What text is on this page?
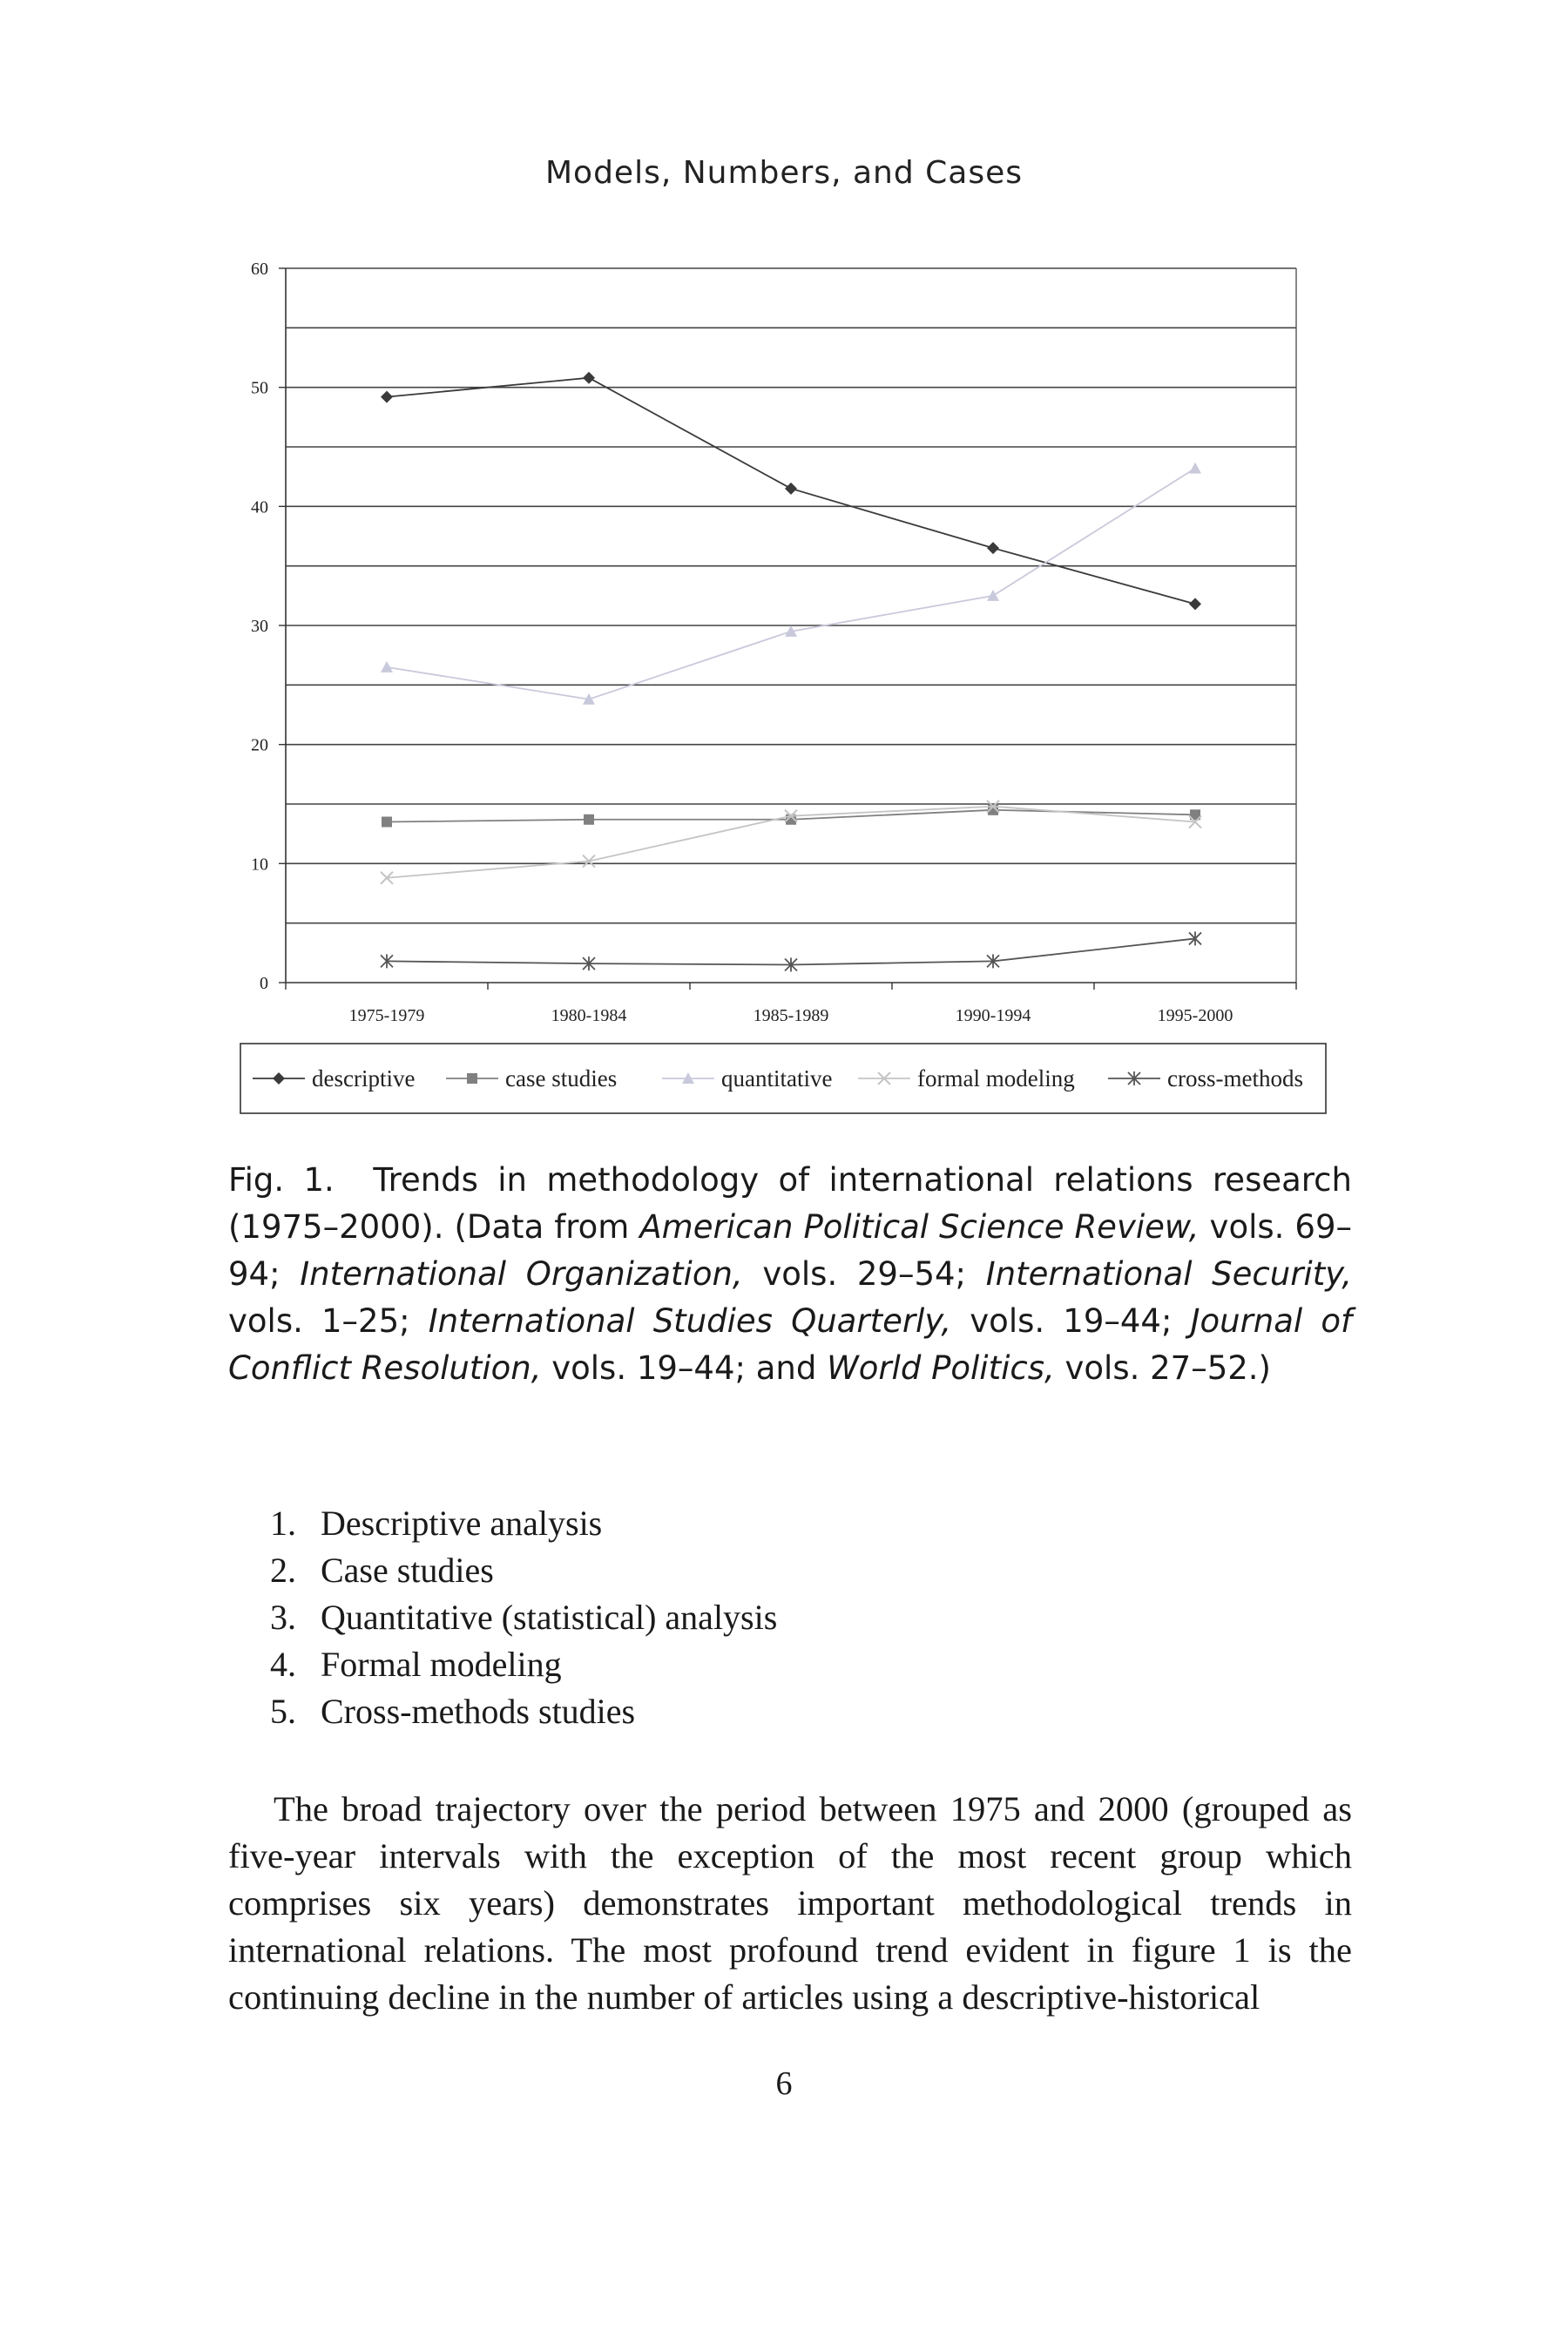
Models, Numbers, and Cases
0
10
20
30
40
50
60
1975-1979	1980-1984	1985-1989	1990-1994	1995-2000
descriptive	case studies	quantitative	formal modeling	cross-methods
Fig. 1. Trends in methodology of international relations research (1975–2000). (Data from American Political Science Review, vols. 69–94; International Organization, vols. 29–54; International Security, vols. 1–25; International Studies Quarterly, vols. 19–44; Journal of Conflict Resolution, vols. 19–44; and World Politics, vols. 27–52.)
1. Descriptive analysis
2. Case studies
3. Quantitative (statistical) analysis
4. Formal modeling
5. Cross-methods studies

The broad trajectory over the period between 1975 and 2000 (grouped as five-year intervals with the exception of the most recent group which comprises six years) demonstrates important methodological trends in international relations. The most profound trend evident in figure 1 is the continuing decline in the number of articles using a descriptive-historical

6
